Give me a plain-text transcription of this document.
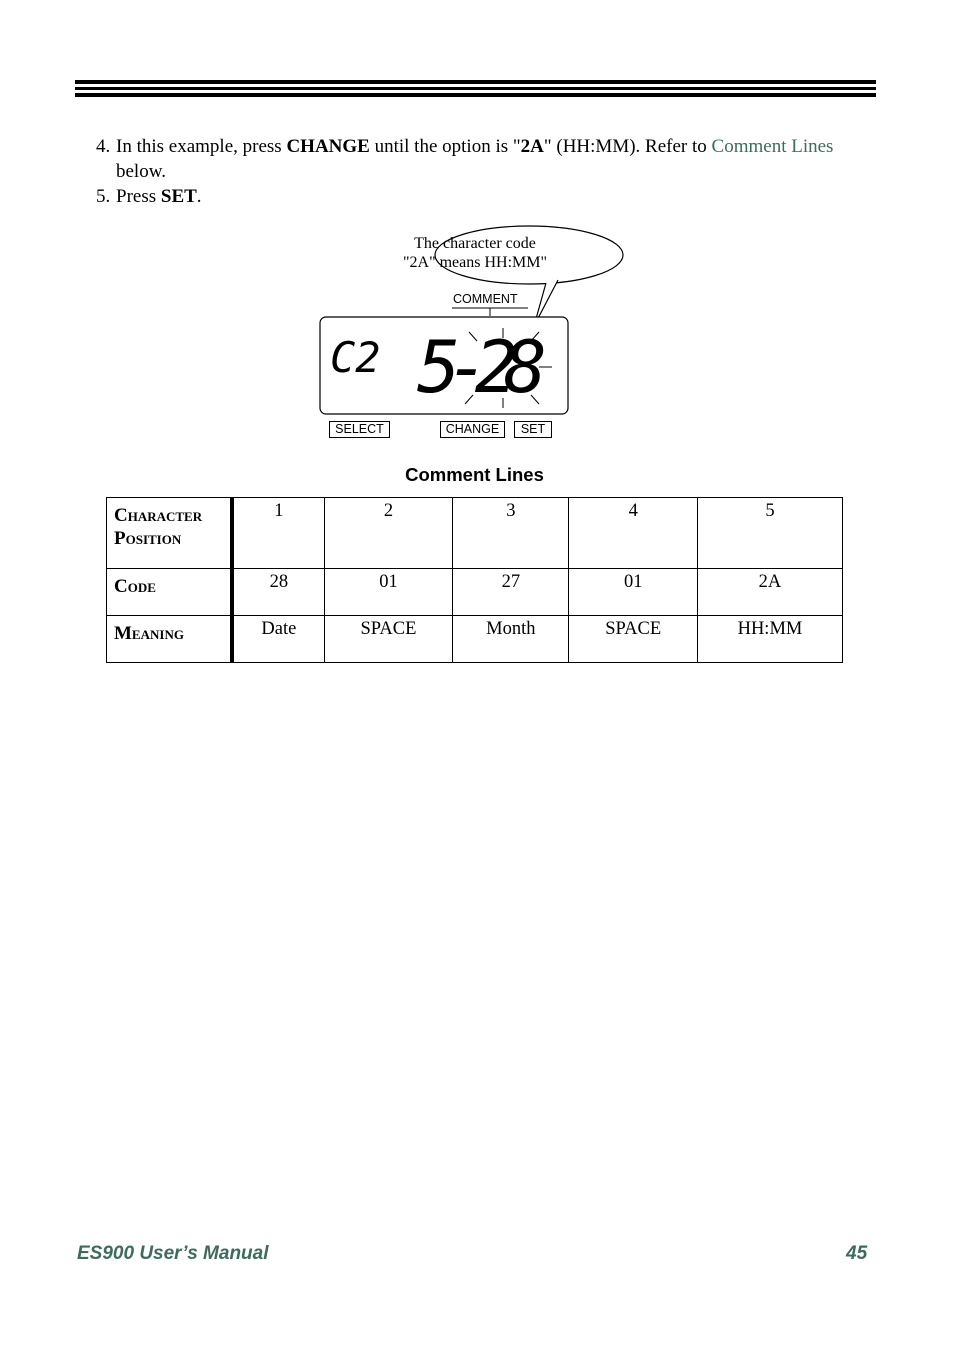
4. In this example, press CHANGE until the option is "2A" (HH:MM). Refer to Comment Lines
below.
5. Press SET.
C2 5-28
The character code
"2A" means HH:MM"
COMMENT
SELECT	CHANGE	SET
Comment Lines
Character
Position	1	2	3	4	5
Code	28	01	27	01	2A
Meaning	Date	SPACE	Month	SPACE	HH:MM
ES900 User’s Manual	45
